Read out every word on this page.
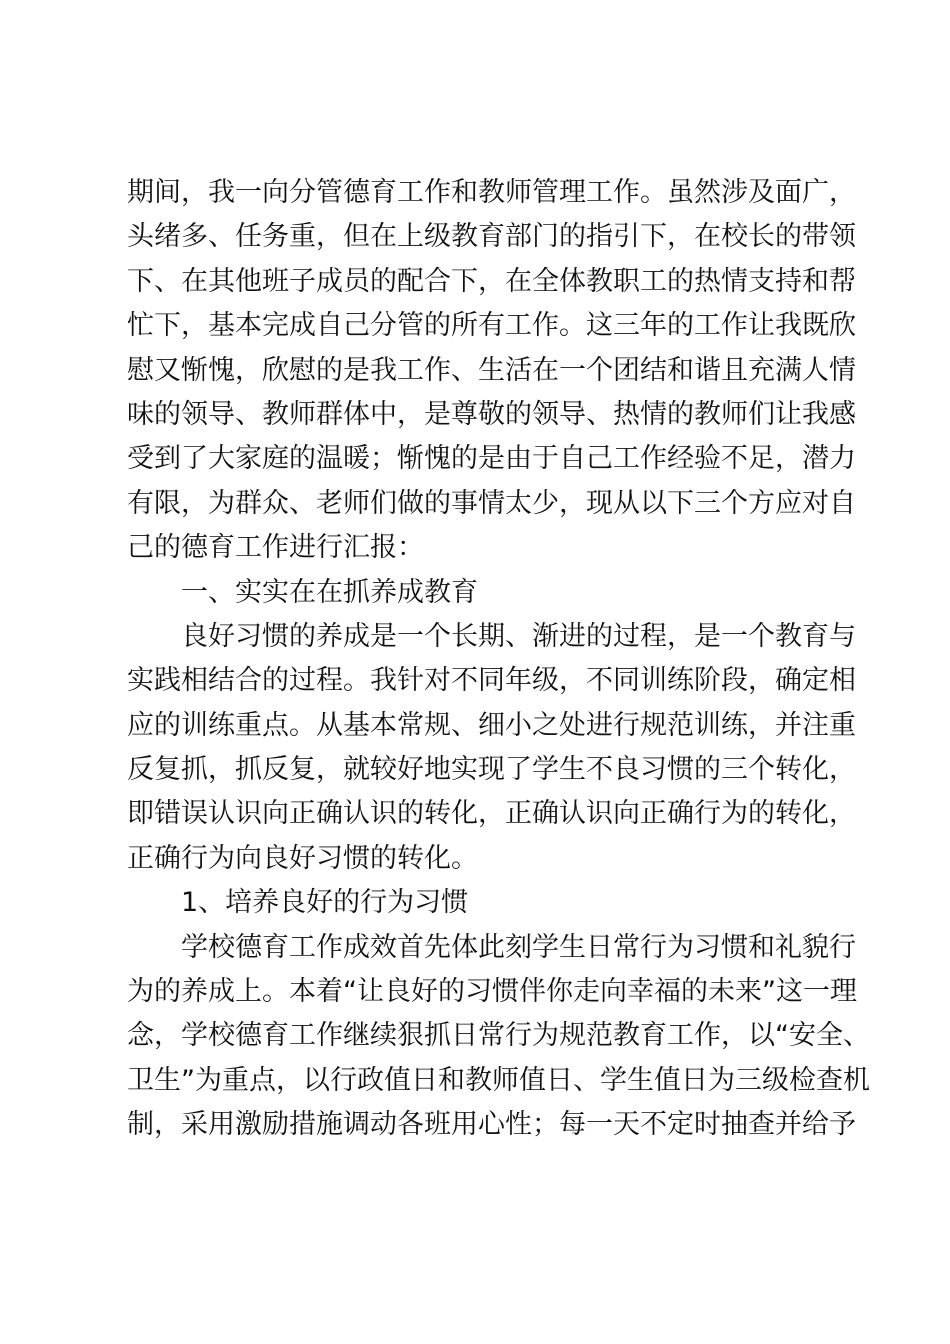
期间，我一向分管德育工作和教师管理工作。虽然涉及面广，
头绪多、任务重，但在上级教育部门的指引下，在校长的带领
下、在其他班子成员的配合下，在全体教职工的热情支持和帮
忙下，基本完成自己分管的所有工作。这三年的工作让我既欣
慰又惭愧，欣慰的是我工作、生活在一个团结和谐且充满人情
味的领导、教师群体中，是尊敬的领导、热情的教师们让我感
受到了大家庭的温暖；惭愧的是由于自己工作经验不足，潜力
有限，为群众、老师们做的事情太少，现从以下三个方应对自
己的德育工作进行汇报：
一、实实在在抓养成教育
良好习惯的养成是一个长期、渐进的过程，是一个教育与
实践相结合的过程。我针对不同年级，不同训练阶段，确定相
应的训练重点。从基本常规、细小之处进行规范训练，并注重
反复抓，抓反复，就较好地实现了学生不良习惯的三个转化，
即错误认识向正确认识的转化，正确认识向正确行为的转化，
正确行为向良好习惯的转化。
1、培养良好的行为习惯
学校德育工作成效首先体此刻学生日常行为习惯和礼貌行
为的养成上。本着“让良好的习惯伴你走向幸福的未来”这一理
念，学校德育工作继续狠抓日常行为规范教育工作，以“安全、
卫生”为重点，以行政值日和教师值日、学生值日为三级检查机
制，采用激励措施调动各班用心性；每一天不定时抽查并给予
